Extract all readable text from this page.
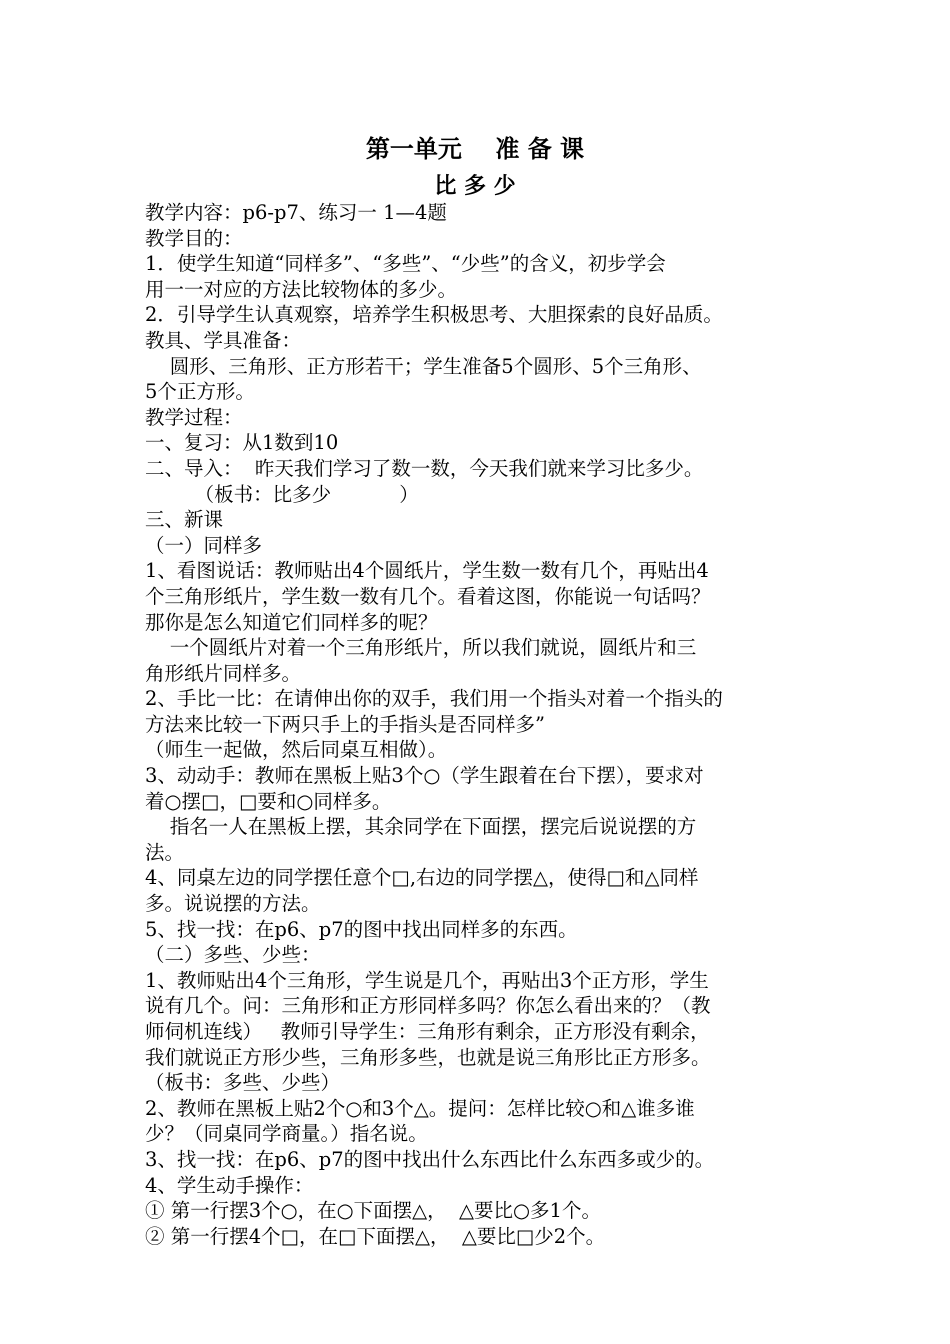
第一单元    准 备 课
比 多 少
教学内容：p6-p7、练习一 1—4题
教学目的：
1．使学生知道“同样多”、“多些”、“少些”的含义，初步学会
用一一对应的方法比较物体的多少。
2．引导学生认真观察，培养学生积极思考、大胆探索的良好品质。
教具、学具准备：
圆形、三角形、正方形若干；学生准备5个圆形、5个三角形、
5个正方形。
教学过程：
一、复习：从1数到10
二、导入：  昨天我们学习了数一数，今天我们就来学习比多少。
（板书：比多少           ）
三、新课
（一）同样多
1、看图说话：教师贴出4个圆纸片，学生数一数有几个，再贴出4
个三角形纸片，学生数一数有几个。看着这图，你能说一句话吗？
那你是怎么知道它们同样多的呢？
一个圆纸片对着一个三角形纸片，所以我们就说，圆纸片和三
角形纸片同样多。
2、手比一比：在请伸出你的双手，我们用一个指头对着一个指头的
方法来比较一下两只手上的手指头是否同样多”
（师生一起做，然后同桌互相做）。
3、动动手：教师在黑板上贴3个○（学生跟着在台下摆），要求对
着○摆□，□要和○同样多。
指名一人在黑板上摆，其余同学在下面摆，摆完后说说摆的方
法。
4、同桌左边的同学摆任意个□,右边的同学摆△，使得□和△同样
多。说说摆的方法。
5、找一找：在p6、p7的图中找出同样多的东西。
（二）多些、少些：
1、教师贴出4个三角形，学生说是几个，再贴出3个正方形，学生
说有几个。问：三角形和正方形同样多吗？你怎么看出来的？（教
师伺机连线）   教师引导学生：三角形有剩余，正方形没有剩余，
我们就说正方形少些，三角形多些，也就是说三角形比正方形多。
（板书：多些、少些）
2、教师在黑板上贴2个○和3个△。提问：怎样比较○和△谁多谁
少？（同桌同学商量。）指名说。
3、找一找：在p6、p7的图中找出什么东西比什么东西多或少的。
4、学生动手操作：
① 第一行摆3个○，在○下面摆△，  △要比○多1个。
② 第一行摆4个□，在□下面摆△，  △要比□少2个。
